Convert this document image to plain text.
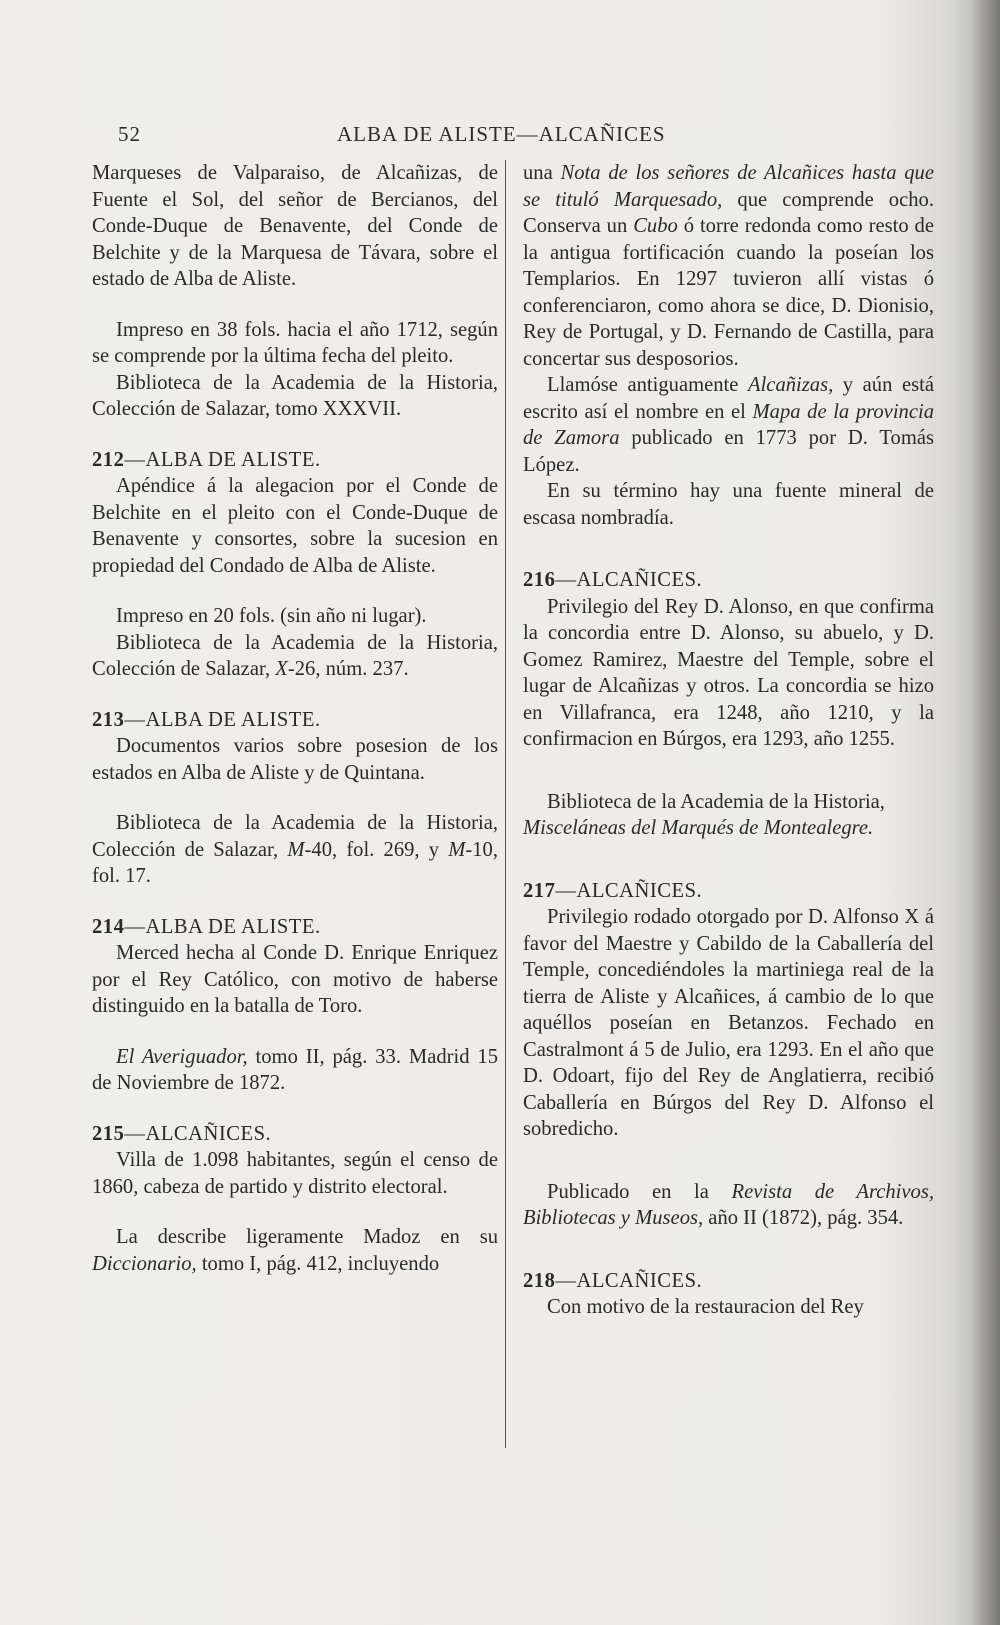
52	ALBA DE ALISTE—ALCAÑICES

Marqueses de Valparaiso, de Alcañizas, de Fuente el Sol, del señor de Bercianos, del Conde-Duque de Benavente, del Conde de Belchite y de la Marquesa de Távara, sobre el estado de Alba de Aliste.

Impreso en 38 fols. hacia el año 1712, según se comprende por la última fecha del pleito.

Biblioteca de la Academia de la Historia, Colección de Salazar, tomo XXXVII.

212—ALBA DE ALISTE.

Apéndice á la alegacion por el Conde de Belchite en el pleito con el Conde-Duque de Benavente y consortes, sobre la sucesion en propiedad del Condado de Alba de Aliste.

Impreso en 20 fols. (sin año ni lugar).

Biblioteca de la Academia de la Historia, Colección de Salazar, X-26, núm. 237.

213—ALBA DE ALISTE.

Documentos varios sobre posesion de los estados en Alba de Aliste y de Quintana.

Biblioteca de la Academia de la Historia, Colección de Salazar, M-40, fol. 269, y M-10, fol. 17.

214—ALBA DE ALISTE.

Merced hecha al Conde D. Enrique Enriquez por el Rey Católico, con motivo de haberse distinguido en la batalla de Toro.

El Averiguador, tomo II, pág. 33. Madrid 15 de Noviembre de 1872.

215—ALCAÑICES.

Villa de 1.098 habitantes, según el censo de 1860, cabeza de partido y distrito electoral.

La describe ligeramente Madoz en su Diccionario, tomo I, pág. 412, incluyendo

una Nota de los señores de Alcañices hasta que se tituló Marquesado, que comprende ocho. Conserva un Cubo ó torre redonda como resto de la antigua fortificación cuando la poseían los Templarios. En 1297 tuvieron allí vistas ó conferenciaron, como ahora se dice, D. Dionisio, Rey de Portugal, y D. Fernando de Castilla, para concertar sus desposorios.

Llamóse antiguamente Alcañizas, y aún está escrito así el nombre en el Mapa de la provincia de Zamora publicado en 1773 por D. Tomás López.

En su término hay una fuente mineral de escasa nombradía.

216—ALCAÑICES.

Privilegio del Rey D. Alonso, en que confirma la concordia entre D. Alonso, su abuelo, y D. Gomez Ramirez, Maestre del Temple, sobre el lugar de Alcañizas y otros. La concordia se hizo en Villafranca, era 1248, año 1210, y la confirmacion en Búrgos, era 1293, año 1255.

Biblioteca de la Academia de la Historia,

Misceláneas del Marqués de Montealegre.

217—ALCAÑICES.

Privilegio rodado otorgado por D. Alfonso X á favor del Maestre y Cabildo de la Caballería del Temple, concediéndoles la martiniega real de la tierra de Aliste y Alcañices, á cambio de lo que aquéllos poseían en Betanzos. Fechado en Castralmont á 5 de Julio, era 1293. En el año que D. Odoart, fijo del Rey de Anglatierra, recibió Caballería en Búrgos del Rey D. Alfonso el sobredicho.

Publicado en la Revista de Archivos, Bibliotecas y Museos, año II (1872), pág. 354.

218—ALCAÑICES.

Con motivo de la restauracion del Rey
